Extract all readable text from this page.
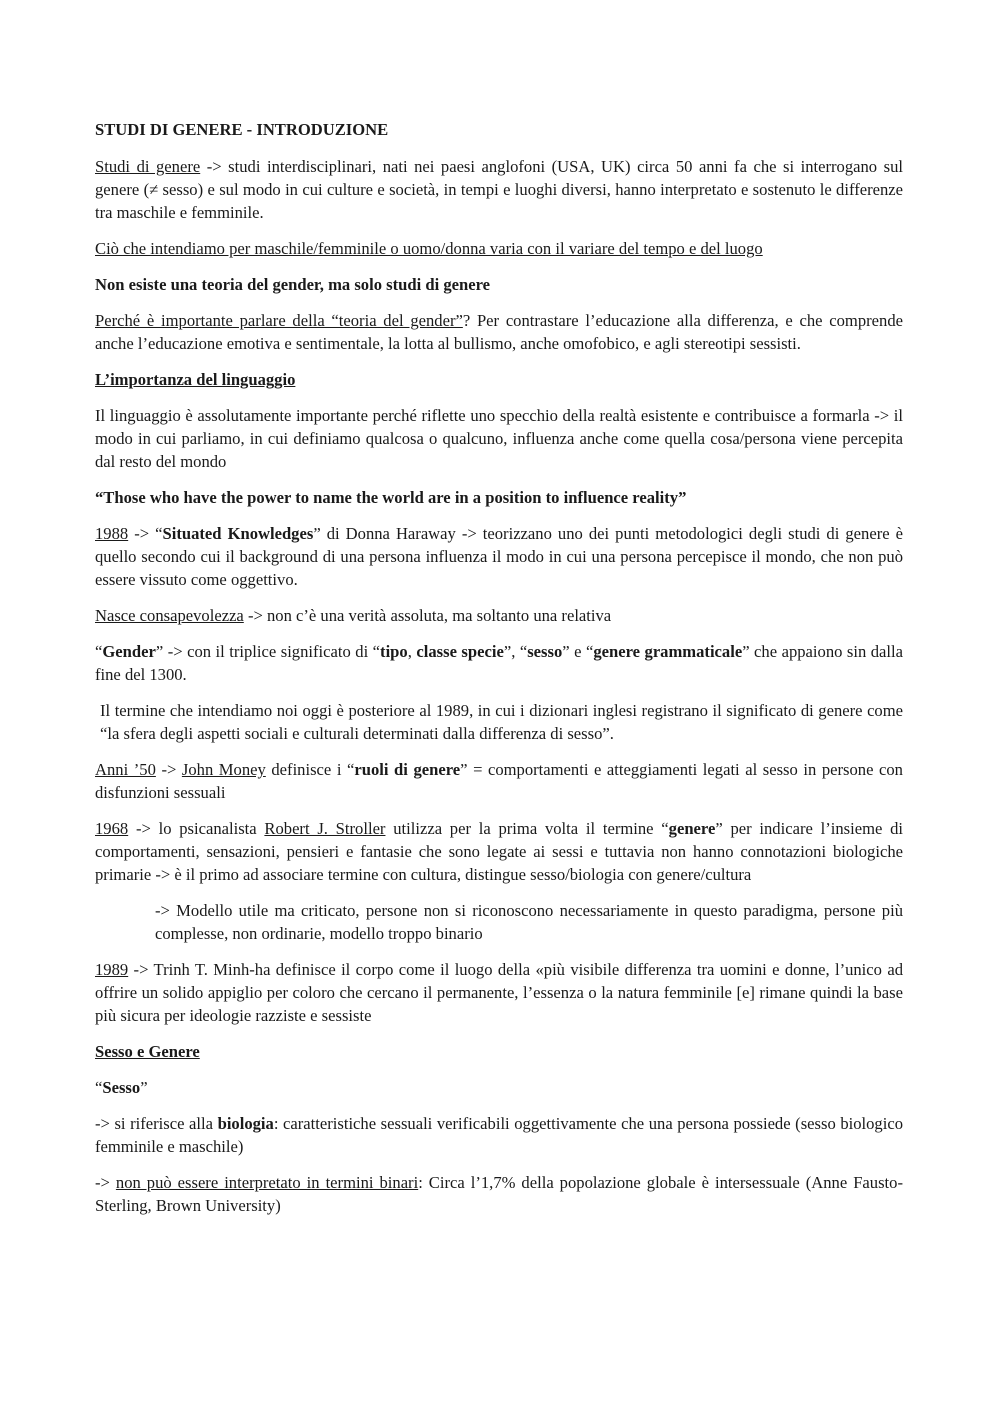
STUDI DI GENERE - INTRODUZIONE

Studi di genere -> studi interdisciplinari, nati nei paesi anglofoni (USA, UK) circa 50 anni fa che si interrogano sul genere (≠ sesso) e sul modo in cui culture e società, in tempi e luoghi diversi, hanno interpretato e sostenuto le differenze tra maschile e femminile.

Ciò che intendiamo per maschile/femminile o uomo/donna varia con il variare del tempo e del luogo

Non esiste una teoria del gender, ma solo studi di genere

Perché è importante parlare della “teoria del gender”? Per contrastare l’educazione alla differenza, e che comprende anche l’educazione emotiva e sentimentale, la lotta al bullismo, anche omofobico, e agli stereotipi sessisti.

L’importanza del linguaggio

Il linguaggio è assolutamente importante perché riflette uno specchio della realtà esistente e contribuisce a formarla -> il modo in cui parliamo, in cui definiamo qualcosa o qualcuno, influenza anche come quella cosa/persona viene percepita dal resto del mondo

“Those who have the power to name the world are in a position to influence reality”

1988 -> “Situated Knowledges” di Donna Haraway -> teorizzano uno dei punti metodologici degli studi di genere è quello secondo cui il background di una persona influenza il modo in cui una persona percepisce il mondo, che non può essere vissuto come oggettivo.

Nasce consapevolezza -> non c’è una verità assoluta, ma soltanto una relativa

“Gender” -> con il triplice significato di “tipo, classe specie”, “sesso” e “genere grammaticale” che appaiono sin dalla fine del 1300.

Il termine che intendiamo noi oggi è posteriore al 1989, in cui i dizionari inglesi registrano il significato di genere come “la sfera degli aspetti sociali e culturali determinati dalla differenza di sesso”.

Anni ’50 -> John Money definisce i “ruoli di genere” = comportamenti e atteggiamenti legati al sesso in persone con disfunzioni sessuali

1968 -> lo psicanalista Robert J. Stroller utilizza per la prima volta il termine “genere” per indicare l’insieme di comportamenti, sensazioni, pensieri e fantasie che sono legate ai sessi e tuttavia non hanno connotazioni biologiche primarie -> è il primo ad associare termine con cultura, distingue sesso/biologia con genere/cultura

-> Modello utile ma criticato, persone non si riconoscono necessariamente in questo paradigma, persone più complesse, non ordinarie, modello troppo binario

1989 -> Trinh T. Minh-ha definisce il corpo come il luogo della «più visibile differenza tra uomini e donne, l’unico ad offrire un solido appiglio per coloro che cercano il permanente, l’essenza o la natura femminile [e] rimane quindi la base più sicura per ideologie razziste e sessiste

Sesso e Genere

“Sesso”

-> si riferisce alla biologia: caratteristiche sessuali verificabili oggettivamente che una persona possiede (sesso biologico femminile e maschile)

-> non può essere interpretato in termini binari: Circa l’1,7% della popolazione globale è intersessuale (Anne Fausto-Sterling, Brown University)
